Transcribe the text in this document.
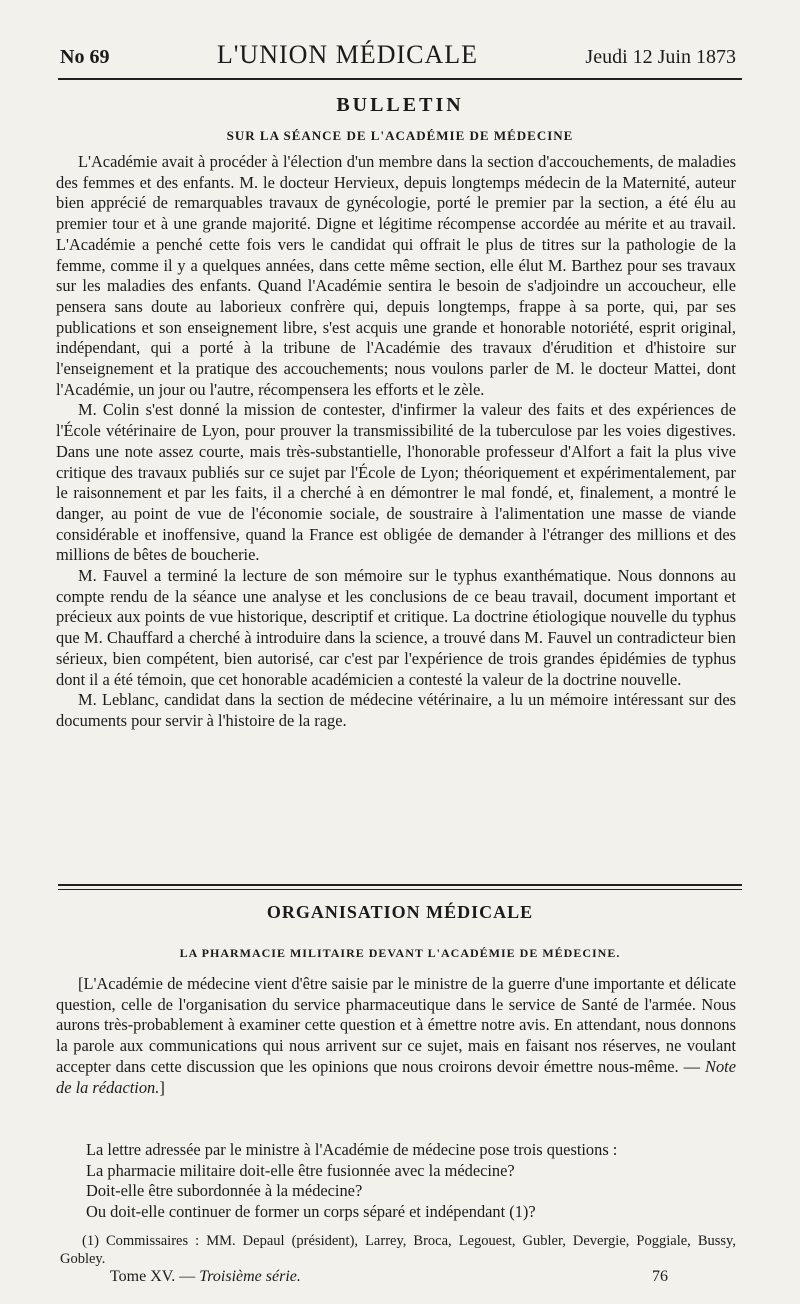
No 69	L'UNION MÉDICALE	Jeudi 12 Juin 1873
BULLETIN
SUR LA SÉANCE DE L'ACADÉMIE DE MÉDECINE

L'Académie avait à procéder à l'élection d'un membre dans la section d'accouchements, de maladies des femmes et des enfants. M. le docteur Hervieux, depuis longtemps médecin de la Maternité, auteur bien apprécié de remarquables travaux de gynécologie, porté le premier par la section, a été élu au premier tour et à une grande majorité. Digne et légitime récompense accordée au mérite et au travail. L'Académie a penché cette fois vers le candidat qui offrait le plus de titres sur la pathologie de la femme, comme il y a quelques années, dans cette même section, elle élut M. Barthez pour ses travaux sur les maladies des enfants. Quand l'Académie sentira le besoin de s'adjoindre un accoucheur, elle pensera sans doute au laborieux confrère qui, depuis longtemps, frappe à sa porte, qui, par ses publications et son enseignement libre, s'est acquis une grande et honorable notoriété, esprit original, indépendant, qui a porté à la tribune de l'Académie des travaux d'érudition et d'histoire sur l'enseignement et la pratique des accouchements; nous voulons parler de M. le docteur Mattei, dont l'Académie, un jour ou l'autre, récompensera les efforts et le zèle.

M. Colin s'est donné la mission de contester, d'infirmer la valeur des faits et des expériences de l'École vétérinaire de Lyon, pour prouver la transmissibilité de la tuberculose par les voies digestives. Dans une note assez courte, mais très-substantielle, l'honorable professeur d'Alfort a fait la plus vive critique des travaux publiés sur ce sujet par l'École de Lyon; théoriquement et expérimentalement, par le raisonnement et par les faits, il a cherché à en démontrer le mal fondé, et, finalement, a montré le danger, au point de vue de l'économie sociale, de soustraire à l'alimentation une masse de viande considérable et inoffensive, quand la France est obligée de demander à l'étranger des millions et des millions de bêtes de boucherie.

M. Fauvel a terminé la lecture de son mémoire sur le typhus exanthématique. Nous donnons au compte rendu de la séance une analyse et les conclusions de ce beau travail, document important et précieux aux points de vue historique, descriptif et critique. La doctrine étiologique nouvelle du typhus que M. Chauffard a cherché à introduire dans la science, a trouvé dans M. Fauvel un contradicteur bien sérieux, bien compétent, bien autorisé, car c'est par l'expérience de trois grandes épidémies de typhus dont il a été témoin, que cet honorable académicien a contesté la valeur de la doctrine nouvelle.

M. Leblanc, candidat dans la section de médecine vétérinaire, a lu un mémoire intéressant sur des documents pour servir à l'histoire de la rage.

ORGANISATION MÉDICALE
LA PHARMACIE MILITAIRE DEVANT L'ACADÉMIE DE MÉDECINE.

[L'Académie de médecine vient d'être saisie par le ministre de la guerre d'une importante et délicate question, celle de l'organisation du service pharmaceutique dans le service de Santé de l'armée. Nous aurons très-probablement à examiner cette question et à émettre notre avis. En attendant, nous donnons la parole aux communications qui nous arrivent sur ce sujet, mais en faisant nos réserves, ne voulant accepter dans cette discussion que les opinions que nous croirons devoir émettre nous-même. — Note de la rédaction.]

La lettre adressée par le ministre à l'Académie de médecine pose trois questions :
La pharmacie militaire doit-elle être fusionnée avec la médecine?
Doit-elle être subordonnée à la médecine?
Ou doit-elle continuer de former un corps séparé et indépendant (1)?

(1) Commissaires : MM. Depaul (président), Larrey, Broca, Legouest, Gubler, Devergie, Poggiale, Bussy, Gobley.

Tome XV. — Troisième série.	76
